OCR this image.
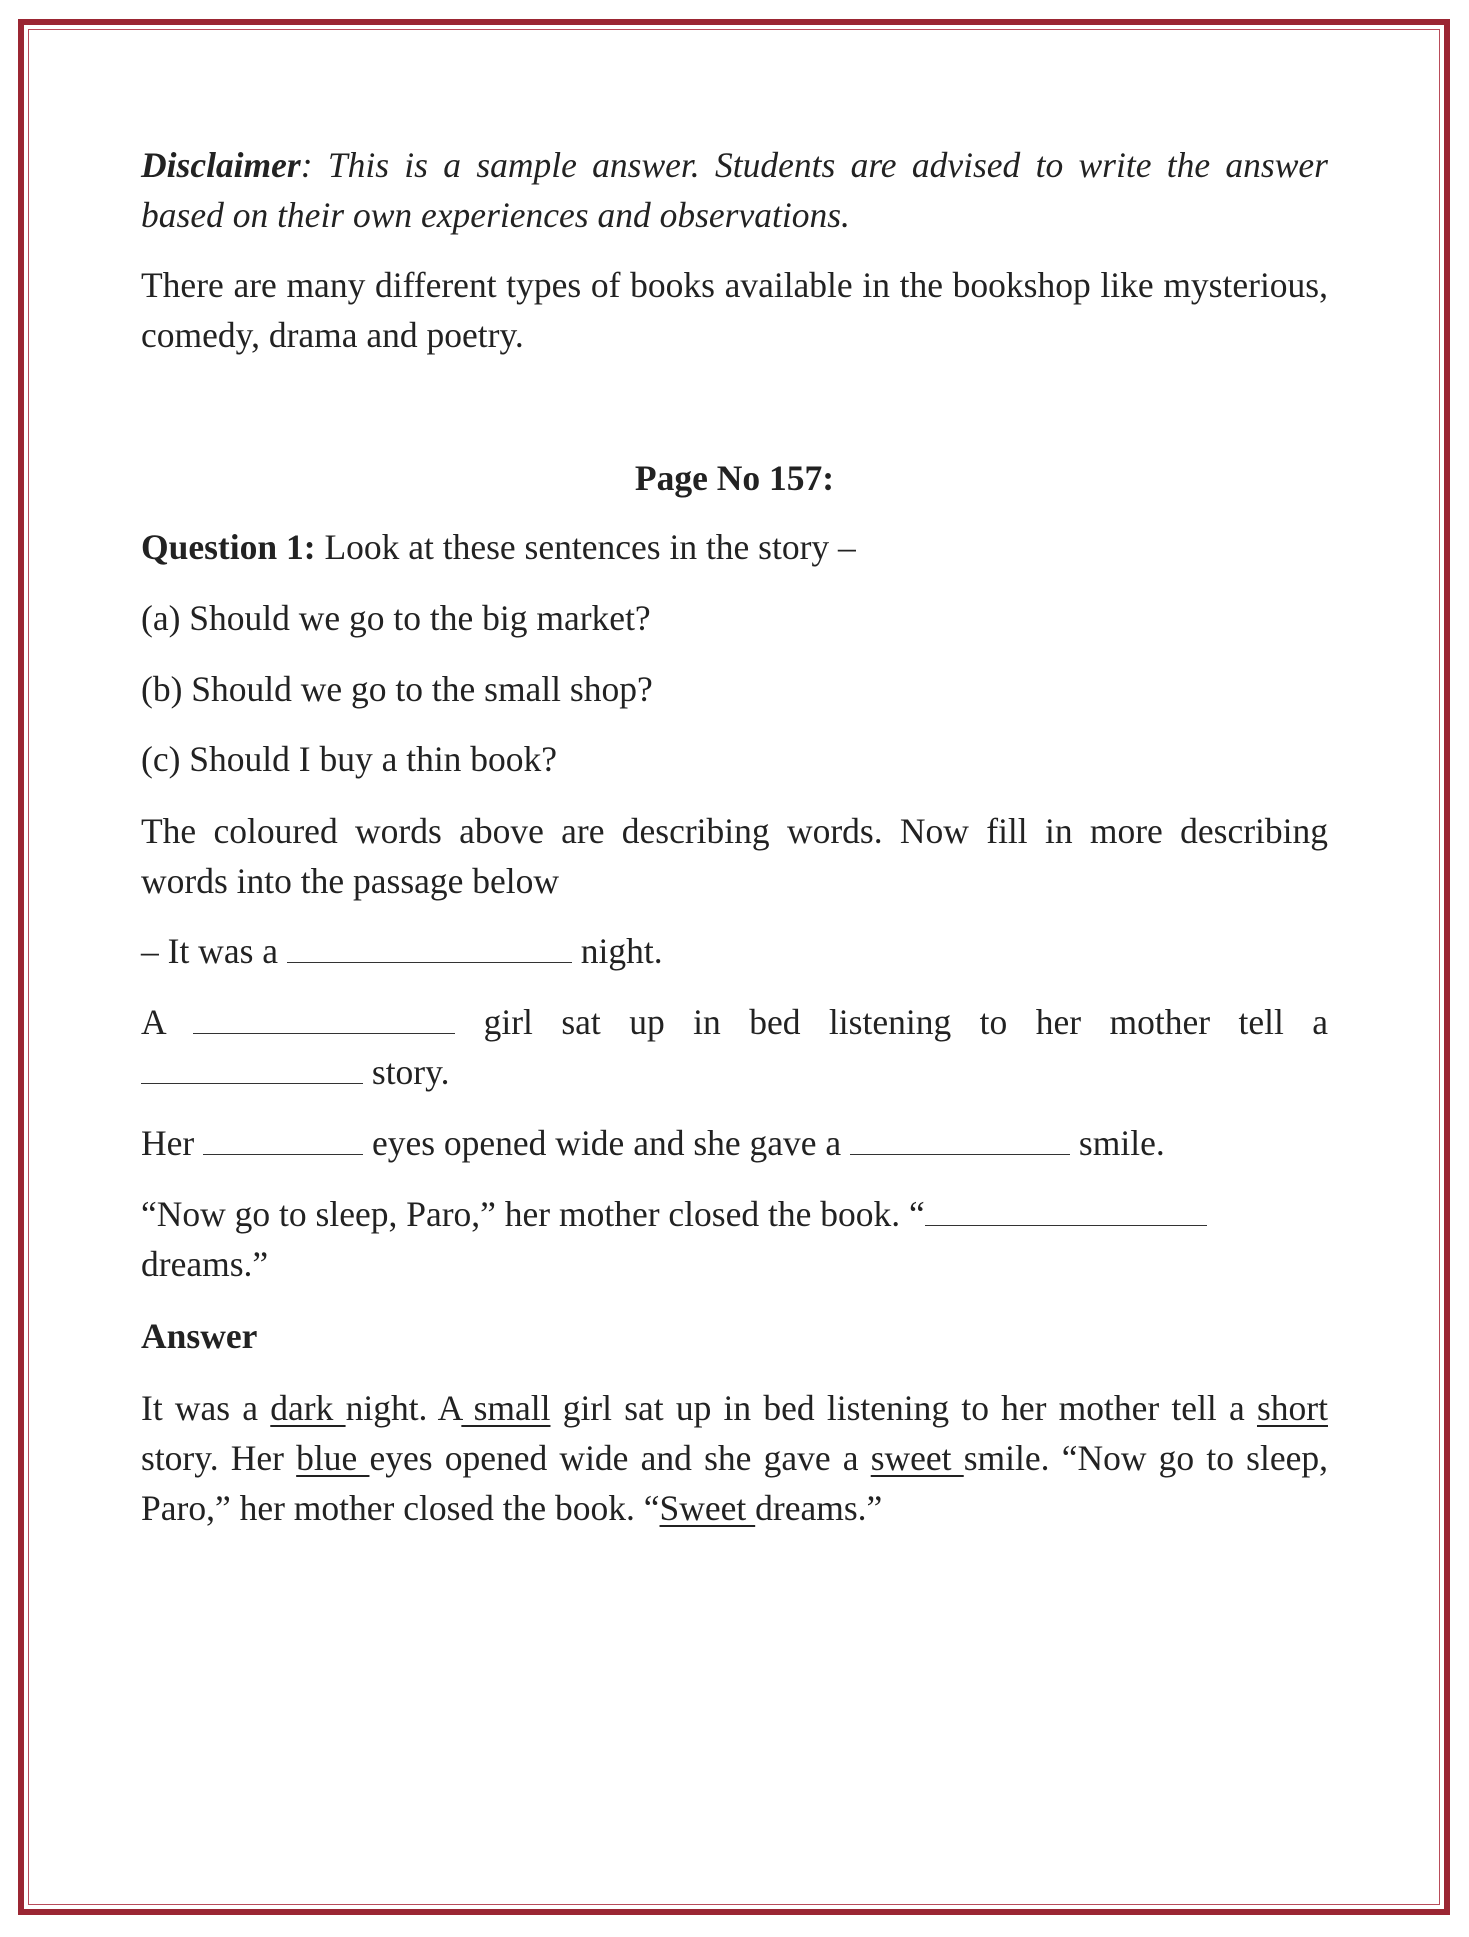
Disclaimer: This is a sample answer. Students are advised to write the answer based on their own experiences and observations.
There are many different types of books available in the bookshop like mysterious, comedy, drama and poetry.
Page No 157:
Question 1: Look at these sentences in the story –
(a) Should we go to the big market?
(b) Should we go to the small shop?
(c) Should I buy a thin book?
The coloured words above are describing words. Now fill in more describing words into the passage below
– It was a	night.
A	girl sat up in bed listening to her mother tell a
story.
Her	eyes opened wide and she gave a	smile.
“Now go to sleep, Paro,” her mother closed the book. “
dreams.”
Answer
It was a dark night. A small girl sat up in bed listening to her mother tell a short story. Her blue eyes opened wide and she gave a sweet smile. “Now go to sleep, Paro,” her mother closed the book. “Sweet dreams.”
